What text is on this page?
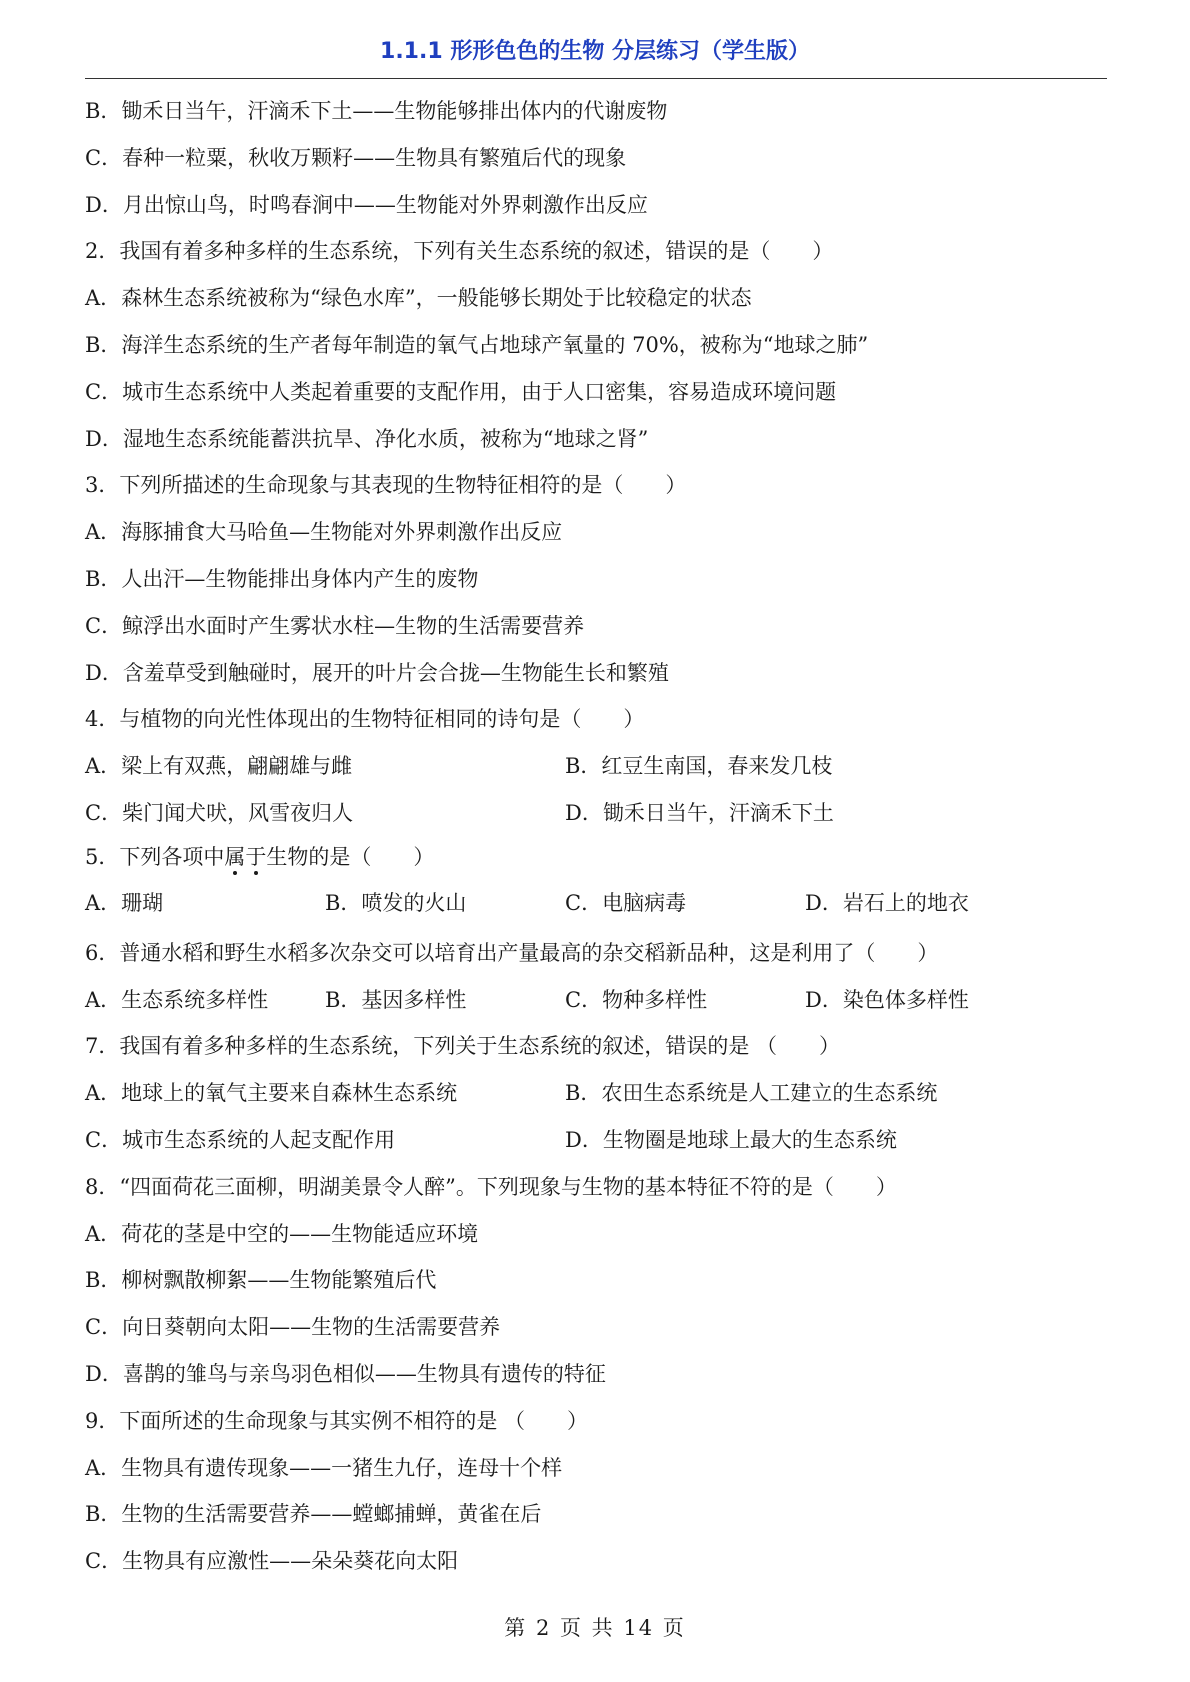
1.1.1 形形色色的生物 分层练习（学生版）
B．锄禾日当午，汗滴禾下土——生物能够排出体内的代谢废物
C．春种一粒粟，秋收万颗籽——生物具有繁殖后代的现象
D．月出惊山鸟，时鸣春涧中——生物能对外界刺激作出反应
2．我国有着多种多样的生态系统，下列有关生态系统的叙述，错误的是（　　）
A．森林生态系统被称为“绿色水库”，一般能够长期处于比较稳定的状态
B．海洋生态系统的生产者每年制造的氧气占地球产氧量的 70%，被称为“地球之肺”
C．城市生态系统中人类起着重要的支配作用，由于人口密集，容易造成环境问题
D．湿地生态系统能蓄洪抗旱、净化水质，被称为“地球之肾”
3．下列所描述的生命现象与其表现的生物特征相符的是（　　）
A．海豚捕食大马哈鱼—生物能对外界刺激作出反应
B．人出汗—生物能排出身体内产生的废物
C．鲸浮出水面时产生雾状水柱—生物的生活需要营养
D．含羞草受到触碰时，展开的叶片会合拢—生物能生长和繁殖
4．与植物的向光性体现出的生物特征相同的诗句是（　　）
A．梁上有双燕，翩翩雄与雌	B．红豆生南国，春来发几枝
C．柴门闻犬吠，风雪夜归人	D．锄禾日当午，汗滴禾下土
5．下列各项中属于
生物的是（　　）
A．珊瑚	B．喷发的火山	C．电脑病毒	D．岩石上的地衣
6．普通水稻和野生水稻多次杂交可以培育出产量最高的杂交稻新品种，这是利用了（　　）
A．生态系统多样性	B．基因多样性	C．物种多样性	D．染色体多样性
7．我国有着多种多样的生态系统，下列关于生态系统的叙述，错误的是 （　　）
A．地球上的氧气主要来自森林生态系统	B．农田生态系统是人工建立的生态系统
C．城市生态系统的人起支配作用	D．生物圈是地球上最大的生态系统
8．“四面荷花三面柳，明湖美景令人醉”。下列现象与生物的基本特征不符的是（　　）
A．荷花的茎是中空的——生物能适应环境
B．柳树飘散柳絮——生物能繁殖后代
C．向日葵朝向太阳——生物的生活需要营养
D．喜鹊的雏鸟与亲鸟羽色相似——生物具有遗传的特征
9．下面所述的生命现象与其实例不相符的是 （　　）
A．生物具有遗传现象——一猪生九仔，连母十个样
B．生物的生活需要营养——螳螂捕蝉，黄雀在后
C．生物具有应激性——朵朵葵花向太阳
第 2 页 共 14 页
